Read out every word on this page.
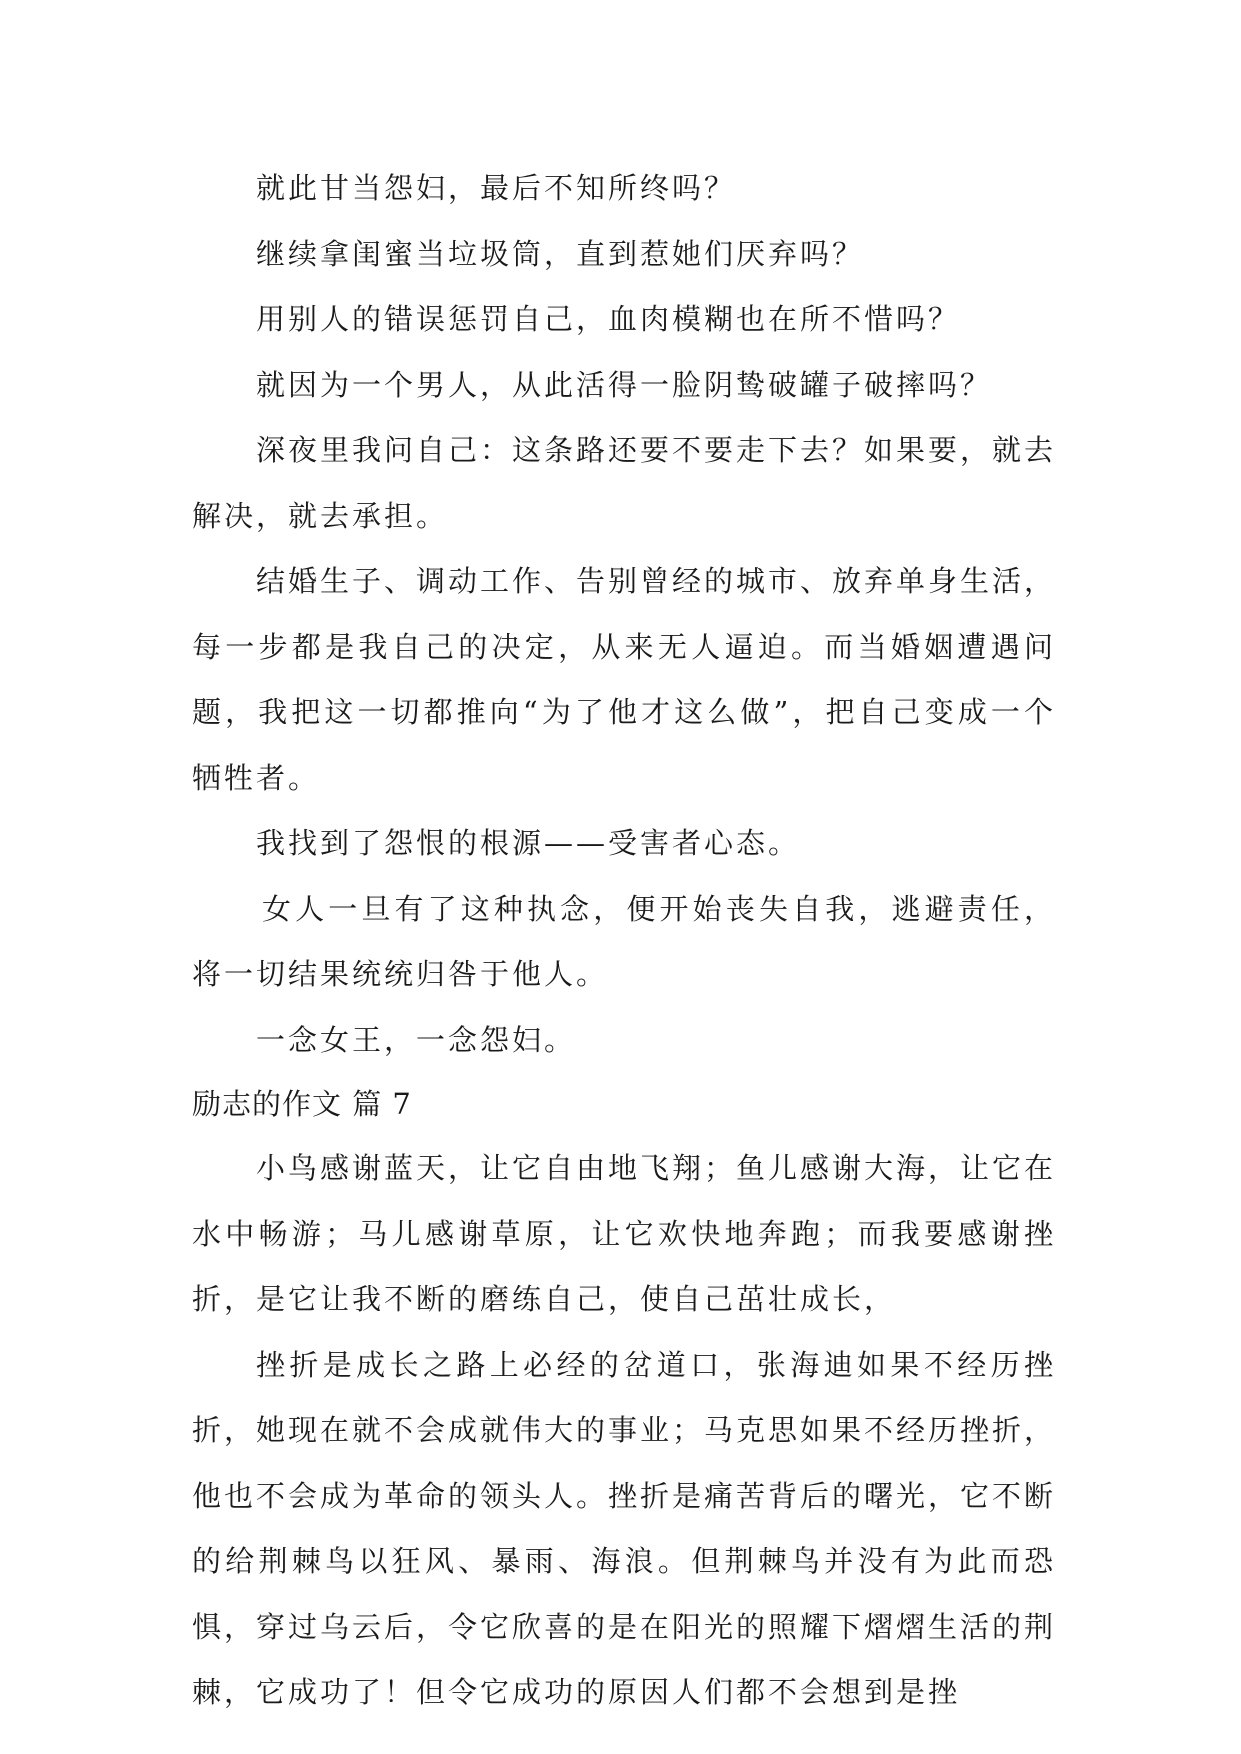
就此甘当怨妇，最后不知所终吗？

继续拿闺蜜当垃圾筒，直到惹她们厌弃吗？

用别人的错误惩罚自己，血肉模糊也在所不惜吗？

就因为一个男人，从此活得一脸阴鸷破罐子破摔吗？

深夜里我问自己：这条路还要不要走下去？如果要，就去解决，就去承担。

结婚生子、调动工作、告别曾经的城市、放弃单身生活，每一步都是我自己的决定，从来无人逼迫。而当婚姻遭遇问题，我把这一切都推向“为了他才这么做”，把自己变成一个牺牲者。

我找到了怨恨的根源——受害者心态。

女人一旦有了这种执念，便开始丧失自我，逃避责任，将一切结果统统归咎于他人。

一念女王，一念怨妇。

励志的作文 篇 7

小鸟感谢蓝天，让它自由地飞翔；鱼儿感谢大海，让它在水中畅游；马儿感谢草原，让它欢快地奔跑；而我要感谢挫折，是它让我不断的磨练自己，使自己茁壮成长，

挫折是成长之路上必经的岔道口，张海迪如果不经历挫折，她现在就不会成就伟大的事业；马克思如果不经历挫折，他也不会成为革命的领头人。挫折是痛苦背后的曙光，它不断的给荆棘鸟以狂风、暴雨、海浪。但荆棘鸟并没有为此而恐惧，穿过乌云后，令它欣喜的是在阳光的照耀下熠熠生活的荆棘，它成功了！但令它成功的原因人们都不会想到是挫
